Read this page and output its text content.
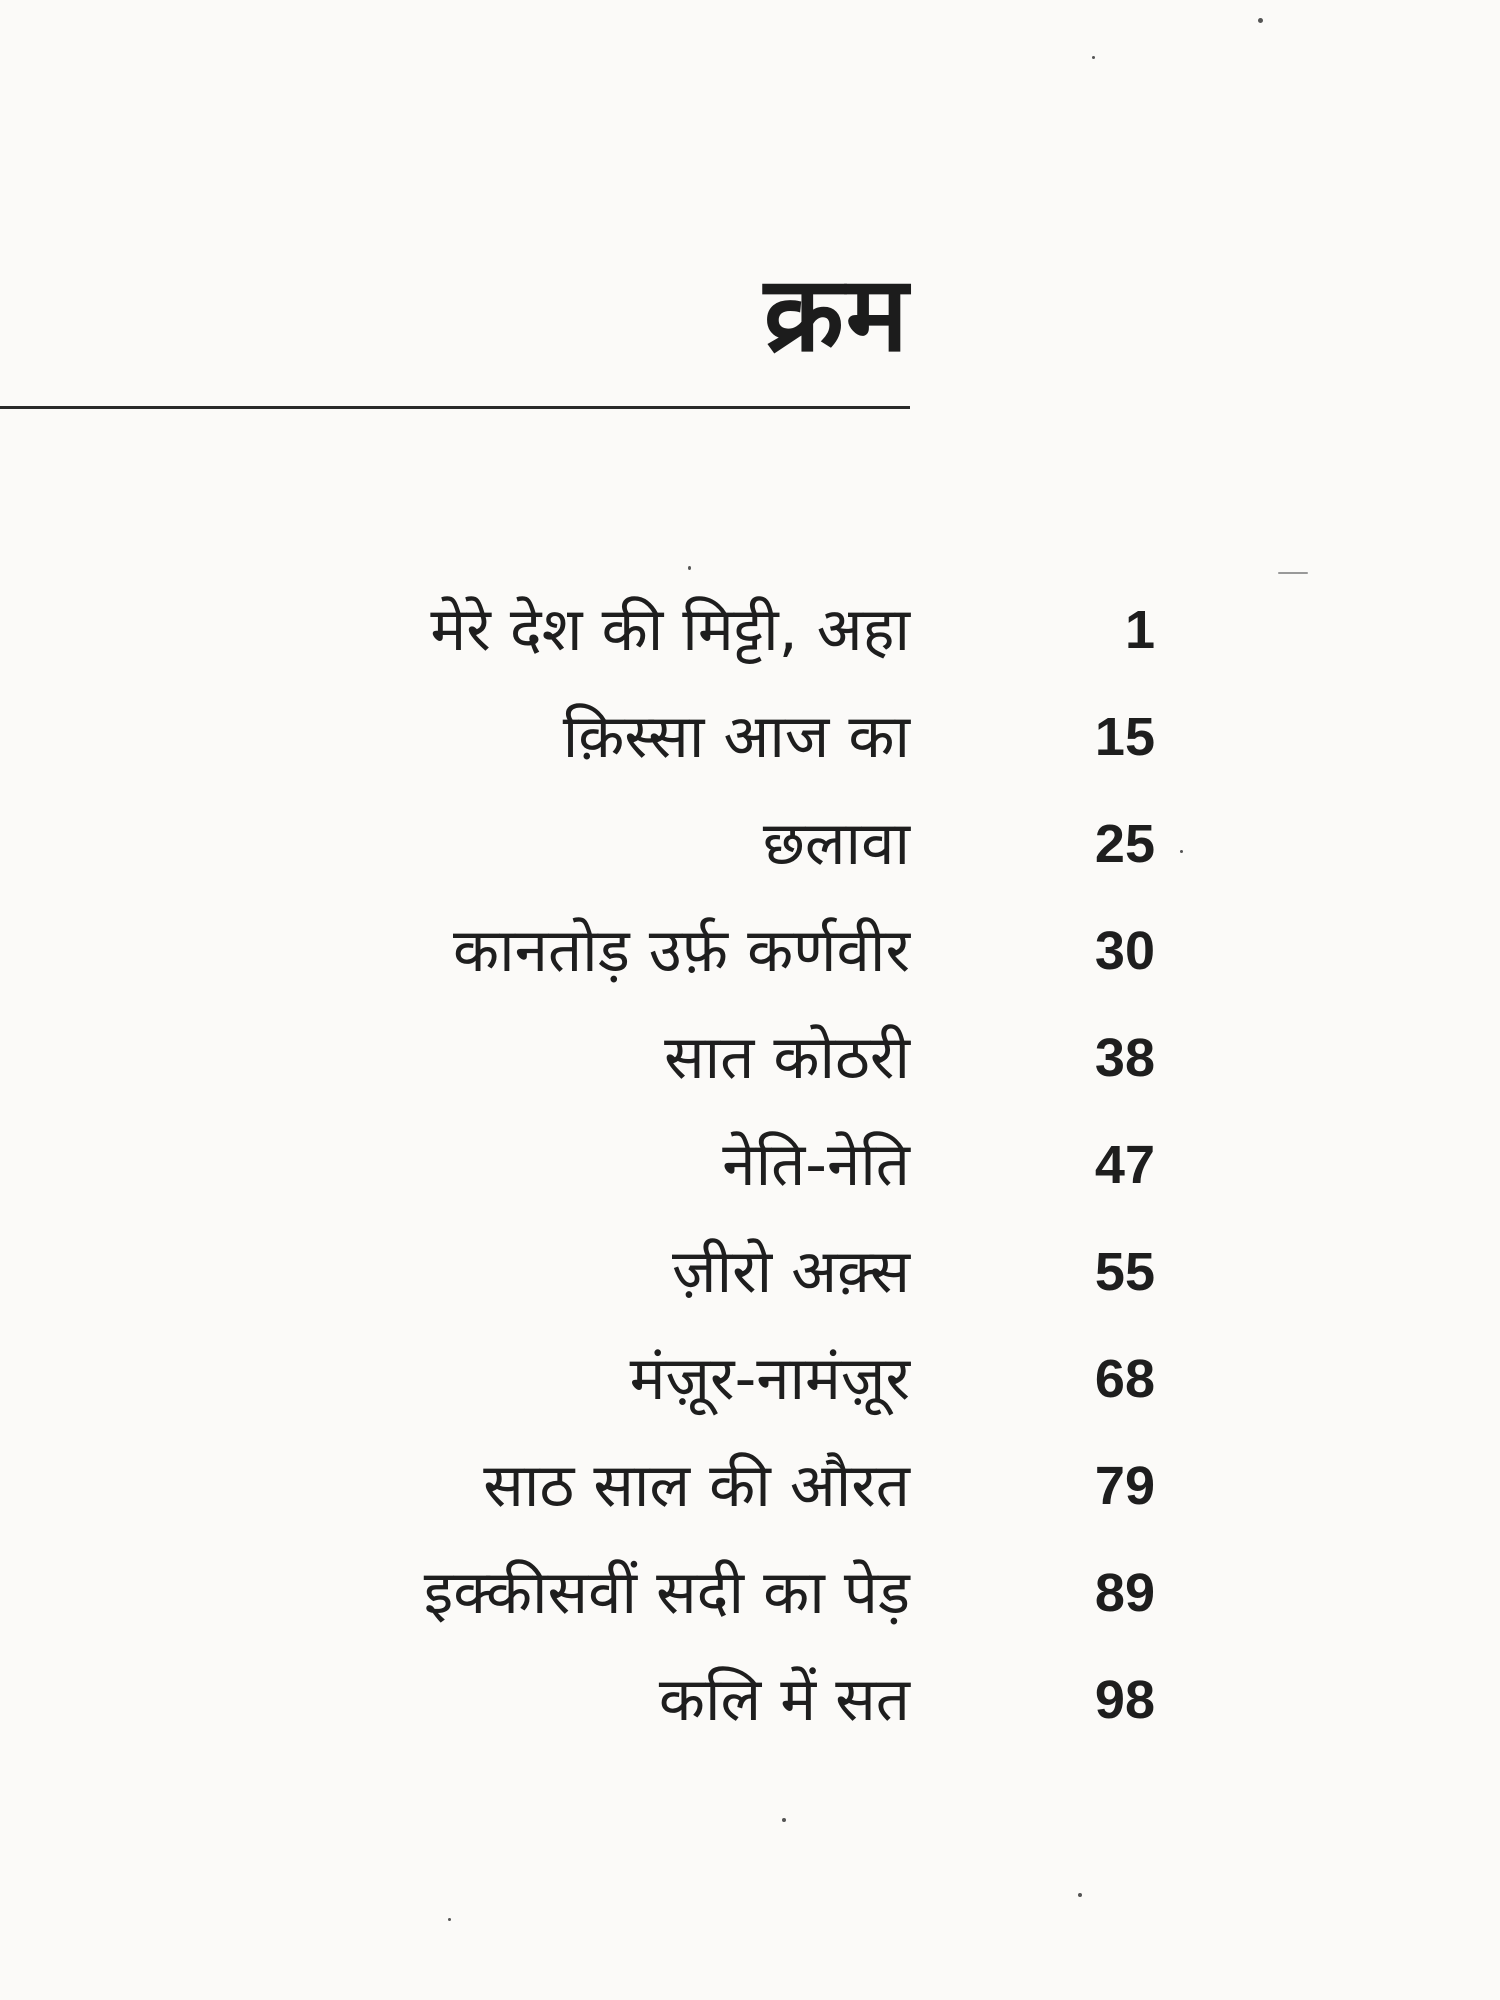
क्रम
मेरे देश की मिट्टी, अहा	1
क़िस्सा आज का	15
छलावा	25
कानतोड़ उर्फ़ कर्णवीर	30
सात कोठरी	38
नेति-नेति	47
ज़ीरो अक़्स	55
मंज़ूर-नामंज़ूर	68
साठ साल की औरत	79
इक्कीसवीं सदी का पेड़	89
कलि में सत	98
